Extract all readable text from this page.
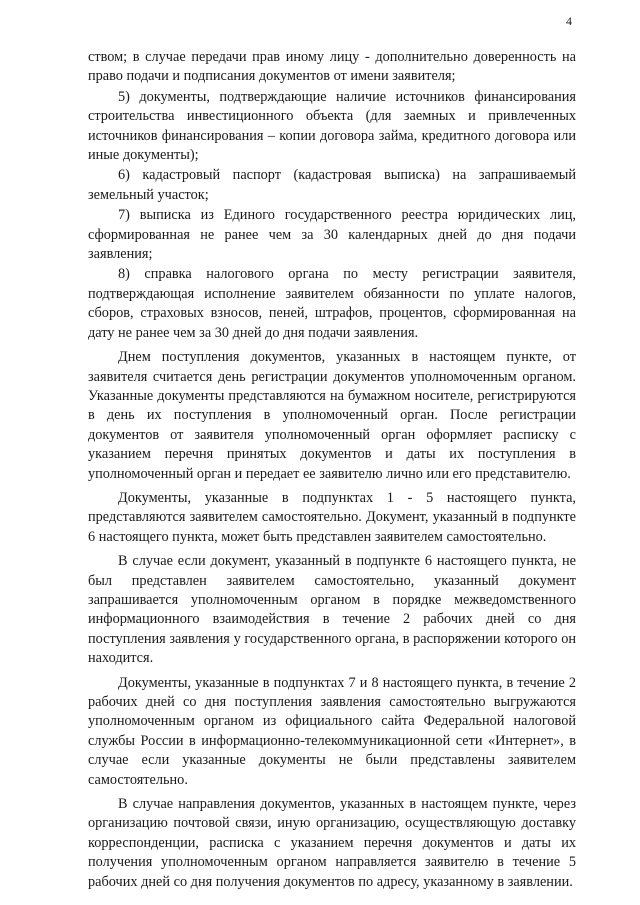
4

ством; в случае передачи прав иному лицу - дополнительно доверенность на право подачи и подписания документов от имени заявителя;

5) документы, подтверждающие наличие источников финансирования строительства инвестиционного объекта (для заемных и привлеченных источников финансирования – копии договора займа, кредитного договора или иные документы);

6) кадастровый паспорт (кадастровая выписка) на запрашиваемый земельный участок;

7) выписка из Единого государственного реестра юридических лиц, сформированная не ранее чем за 30 календарных дней до дня подачи заявления;

8) справка налогового органа по месту регистрации заявителя, подтверждающая исполнение заявителем обязанности по уплате налогов, сборов, страховых взносов, пеней, штрафов, процентов, сформированная на дату не ранее чем за 30 дней до дня подачи заявления.

Днем поступления документов, указанных в настоящем пункте, от заявителя считается день регистрации документов уполномоченным органом. Указанные документы представляются на бумажном носителе, регистрируются в день их поступления в уполномоченный орган. После регистрации документов от заявителя уполномоченный орган оформляет расписку с указанием перечня принятых документов и даты их поступления в уполномоченный орган и передает ее заявителю лично или его представителю.

Документы, указанные в подпунктах 1 - 5 настоящего пункта, представляются заявителем самостоятельно. Документ, указанный в подпункте 6 настоящего пункта, может быть представлен заявителем самостоятельно.

В случае если документ, указанный в подпункте 6 настоящего пункта, не был представлен заявителем самостоятельно, указанный документ запрашивается уполномоченным органом в порядке межведомственного информационного взаимодействия в течение 2 рабочих дней со дня поступления заявления у государственного органа, в распоряжении которого он находится.

Документы, указанные в подпунктах 7 и 8 настоящего пункта, в течение 2 рабочих дней со дня поступления заявления самостоятельно выгружаются уполномоченным органом из официального сайта Федеральной налоговой службы России в информационно-телекоммуникационной сети «Интернет», в случае если указанные документы не были представлены заявителем самостоятельно.

В случае направления документов, указанных в настоящем пункте, через организацию почтовой связи, иную организацию, осуществляющую доставку корреспонденции, расписка с указанием перечня документов и даты их получения уполномоченным органом направляется заявителю в течение 5 рабочих дней со дня получения документов по адресу, указанному в заявлении.
